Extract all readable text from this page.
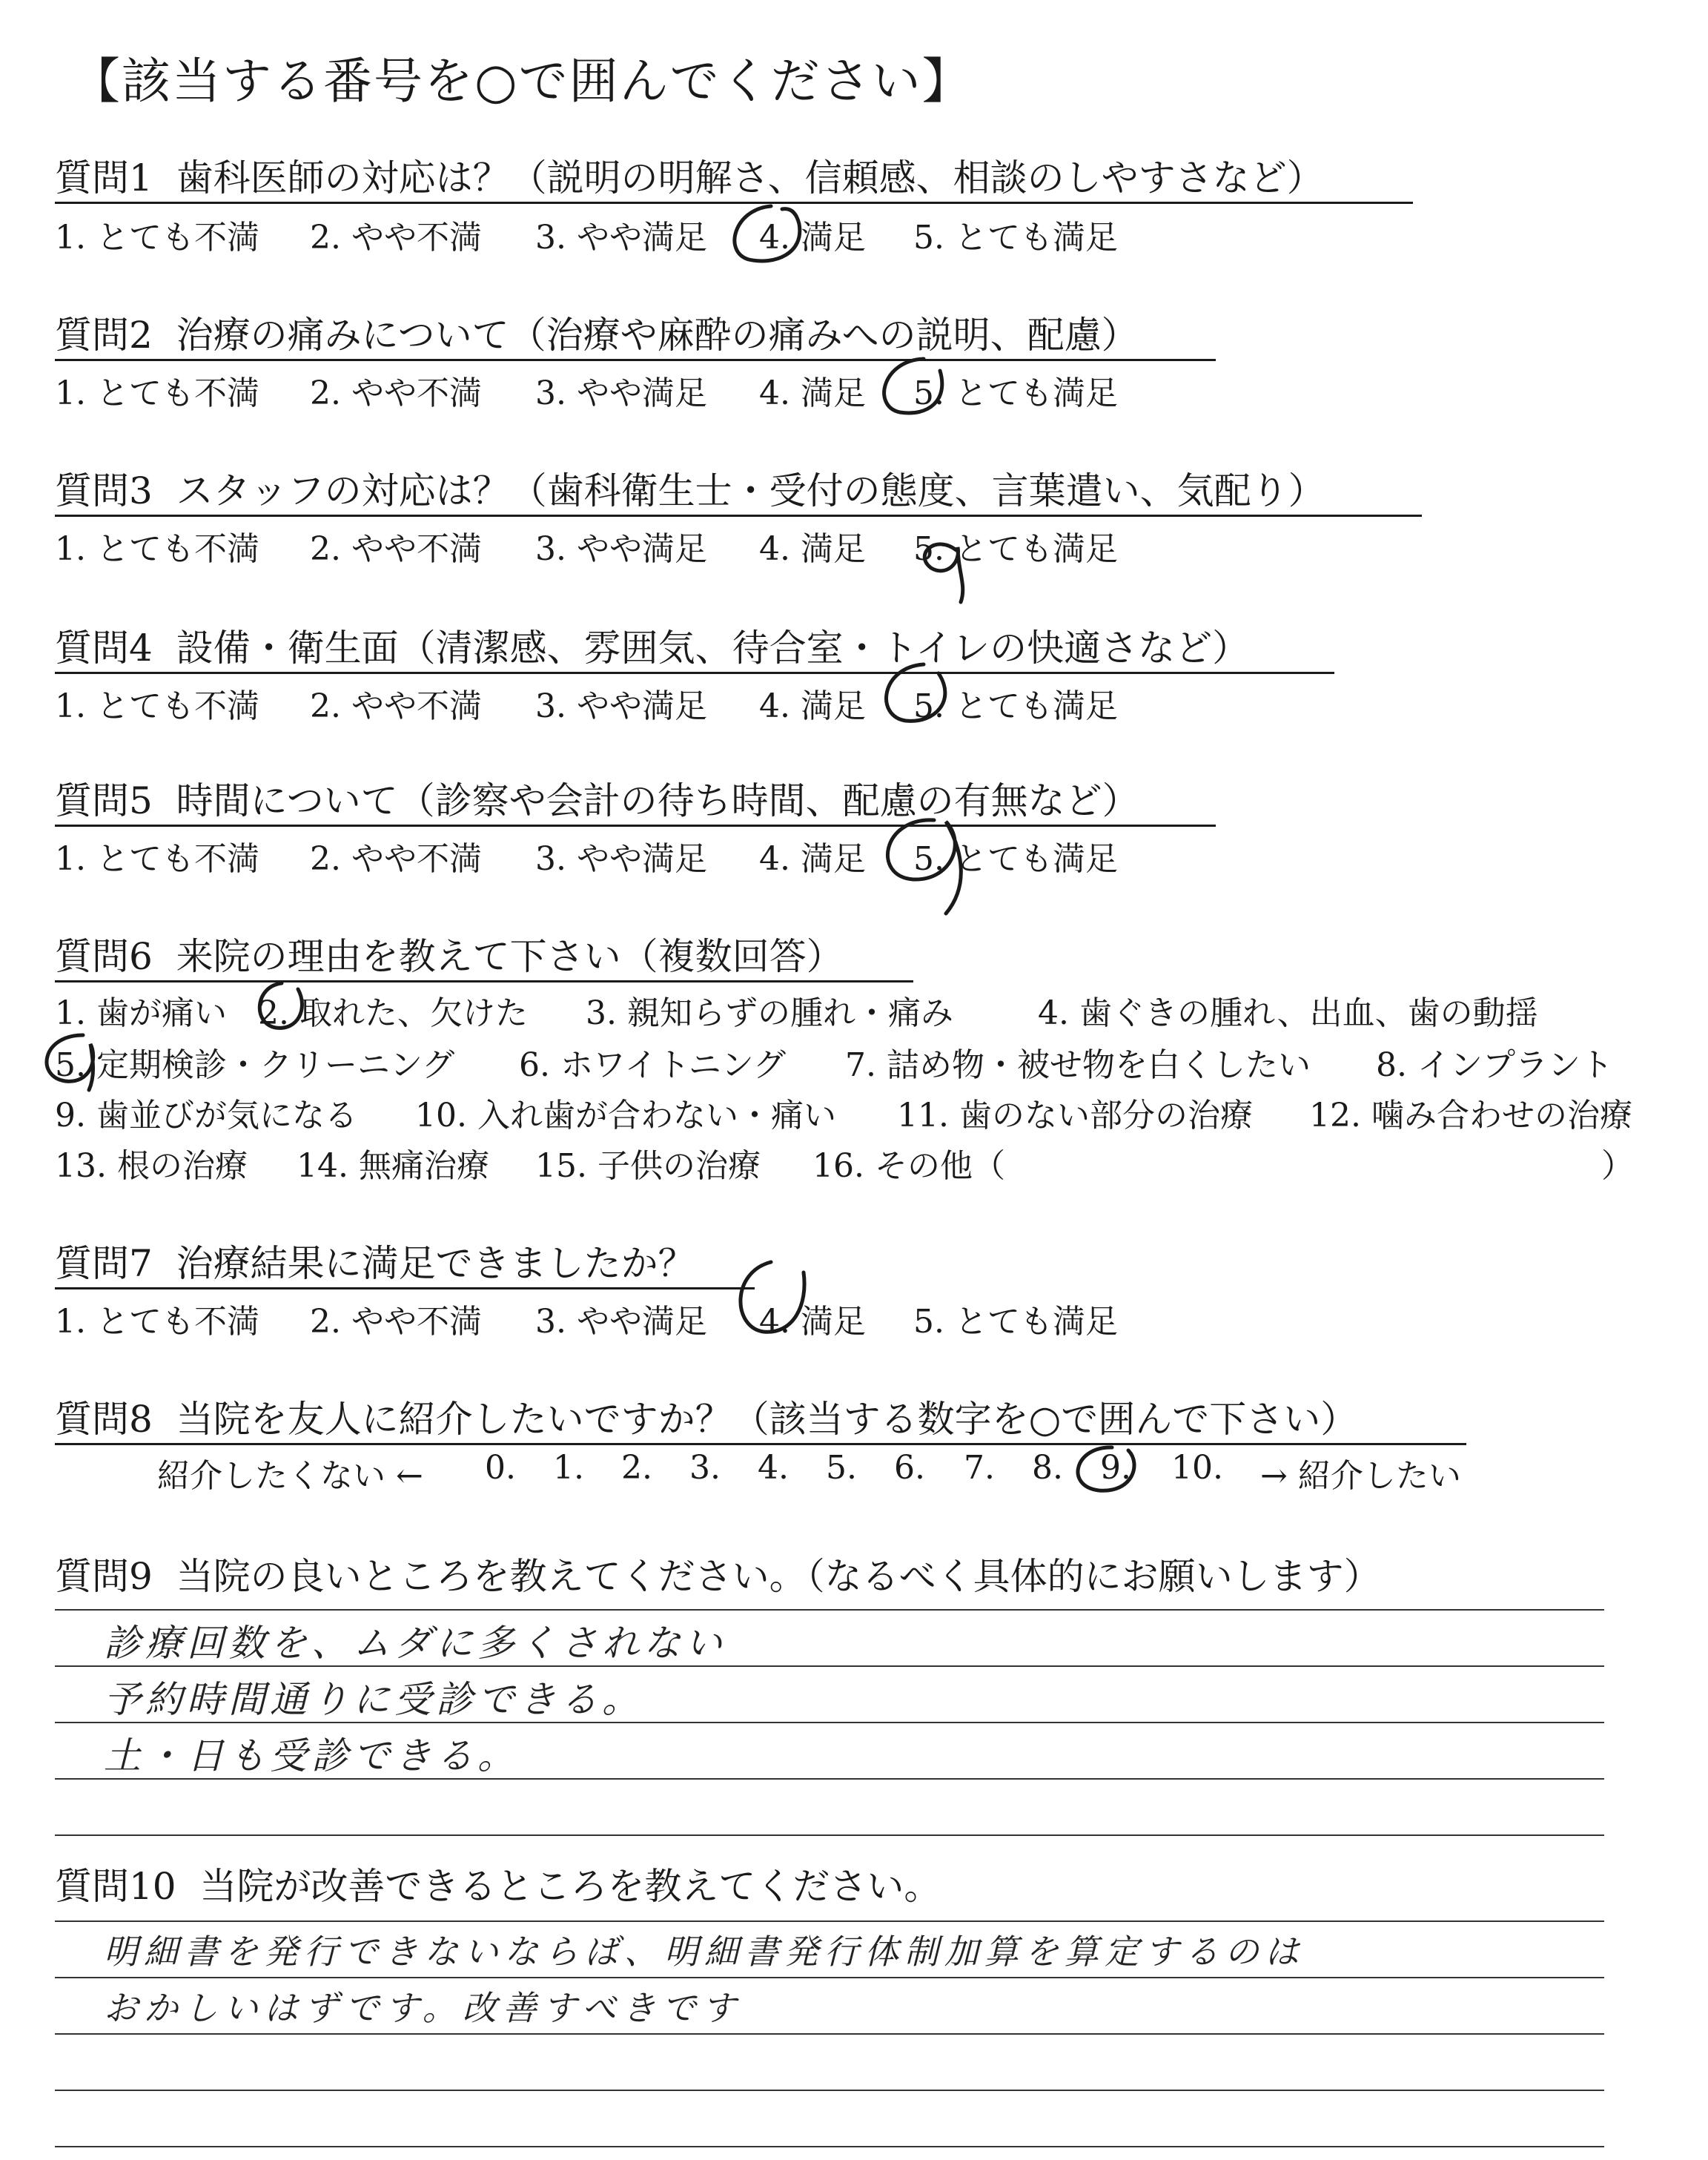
【該当する番号を○で囲んでください】
質問1 歯科医師の対応は？（説明の明解さ、信頼感、相談のしやすさなど）
1. とても不満 2. やや不満 3. やや満足 4. 満足 5. とても満足
質問2 治療の痛みについて（治療や麻酔の痛みへの説明、配慮）
1. とても不満 2. やや不満 3. やや満足 4. 満足 5. とても満足
質問3 スタッフの対応は？（歯科衛生士・受付の態度、言葉遣い、気配り）
1. とても不満 2. やや不満 3. やや満足 4. 満足 5. とても満足
質問4 設備・衛生面（清潔感、雰囲気、待合室・トイレの快適さなど）
1. とても不満 2. やや不満 3. やや満足 4. 満足 5. とても満足
質問5 時間について（診察や会計の待ち時間、配慮の有無など）
1. とても不満 2. やや不満 3. やや満足 4. 満足 5. とても満足
質問6 来院の理由を教えて下さい（複数回答）
1. 歯が痛い 2. 取れた、欠けた 3. 親知らずの腫れ・痛み	4. 歯ぐきの腫れ、出血、歯の動揺
5. 定期検診・クリーニング 6. ホワイトニング 7. 詰め物・被せ物を白くしたい 8. インプラント
9. 歯並びが気になる 10. 入れ歯が合わない・痛い 11. 歯のない部分の治療 12. 噛み合わせの治療
13. 根の治療 14. 無痛治療 15. 子供の治療 16. その他（	）
質問7 治療結果に満足できましたか？
1. とても不満 2. やや不満 3. やや満足 4. 満足 5. とても満足
質問8 当院を友人に紹介したいですか？（該当する数字を○で囲んで下さい）
紹介したくない ← 0. 1. 2. 3. 4. 5. 6. 7. 8. 9. 10. → 紹介したい
質問9 当院の良いところを教えてください。（なるべく具体的にお願いします）
診療回数を、ムダに多くされない
予約時間通りに受診できる。
土・日も受診できる。
質問10 当院が改善できるところを教えてください。
明細書を発行できないならば、明細書発行体制加算を算定するのは
おかしいはずです。改善すべきです
